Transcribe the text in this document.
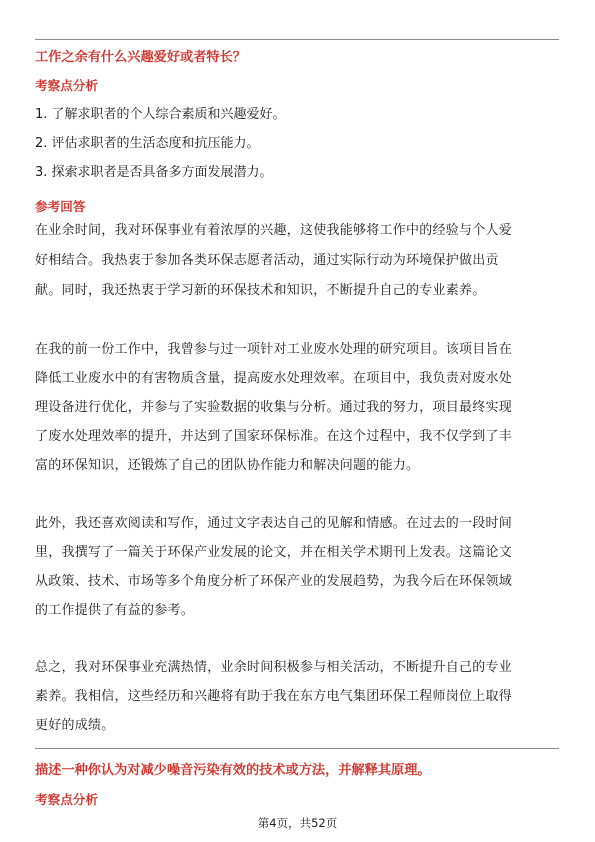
工作之余有什么兴趣爱好或者特长？
考察点分析
1. 了解求职者的个人综合素质和兴趣爱好。
2. 评估求职者的生活态度和抗压能力。
3. 探索求职者是否具备多方面发展潜力。
参考回答
在业余时间，我对环保事业有着浓厚的兴趣，这使我能够将工作中的经验与个人爱
好相结合。我热衷于参加各类环保志愿者活动，通过实际行动为环境保护做出贡
献。同时，我还热衷于学习新的环保技术和知识，不断提升自己的专业素养。
在我的前一份工作中，我曾参与过一项针对工业废水处理的研究项目。该项目旨在
降低工业废水中的有害物质含量，提高废水处理效率。在项目中，我负责对废水处
理设备进行优化，并参与了实验数据的收集与分析。通过我的努力，项目最终实现
了废水处理效率的提升，并达到了国家环保标准。在这个过程中，我不仅学到了丰
富的环保知识，还锻炼了自己的团队协作能力和解决问题的能力。
此外，我还喜欢阅读和写作，通过文字表达自己的见解和情感。在过去的一段时间
里，我撰写了一篇关于环保产业发展的论文，并在相关学术期刊上发表。这篇论文
从政策、技术、市场等多个角度分析了环保产业的发展趋势，为我今后在环保领域
的工作提供了有益的参考。
总之，我对环保事业充满热情，业余时间积极参与相关活动，不断提升自己的专业
素养。我相信，这些经历和兴趣将有助于我在东方电气集团环保工程师岗位上取得
更好的成绩。
描述一种你认为对减少噪音污染有效的技术或方法，并解释其原理。
考察点分析
第4页，共52页
